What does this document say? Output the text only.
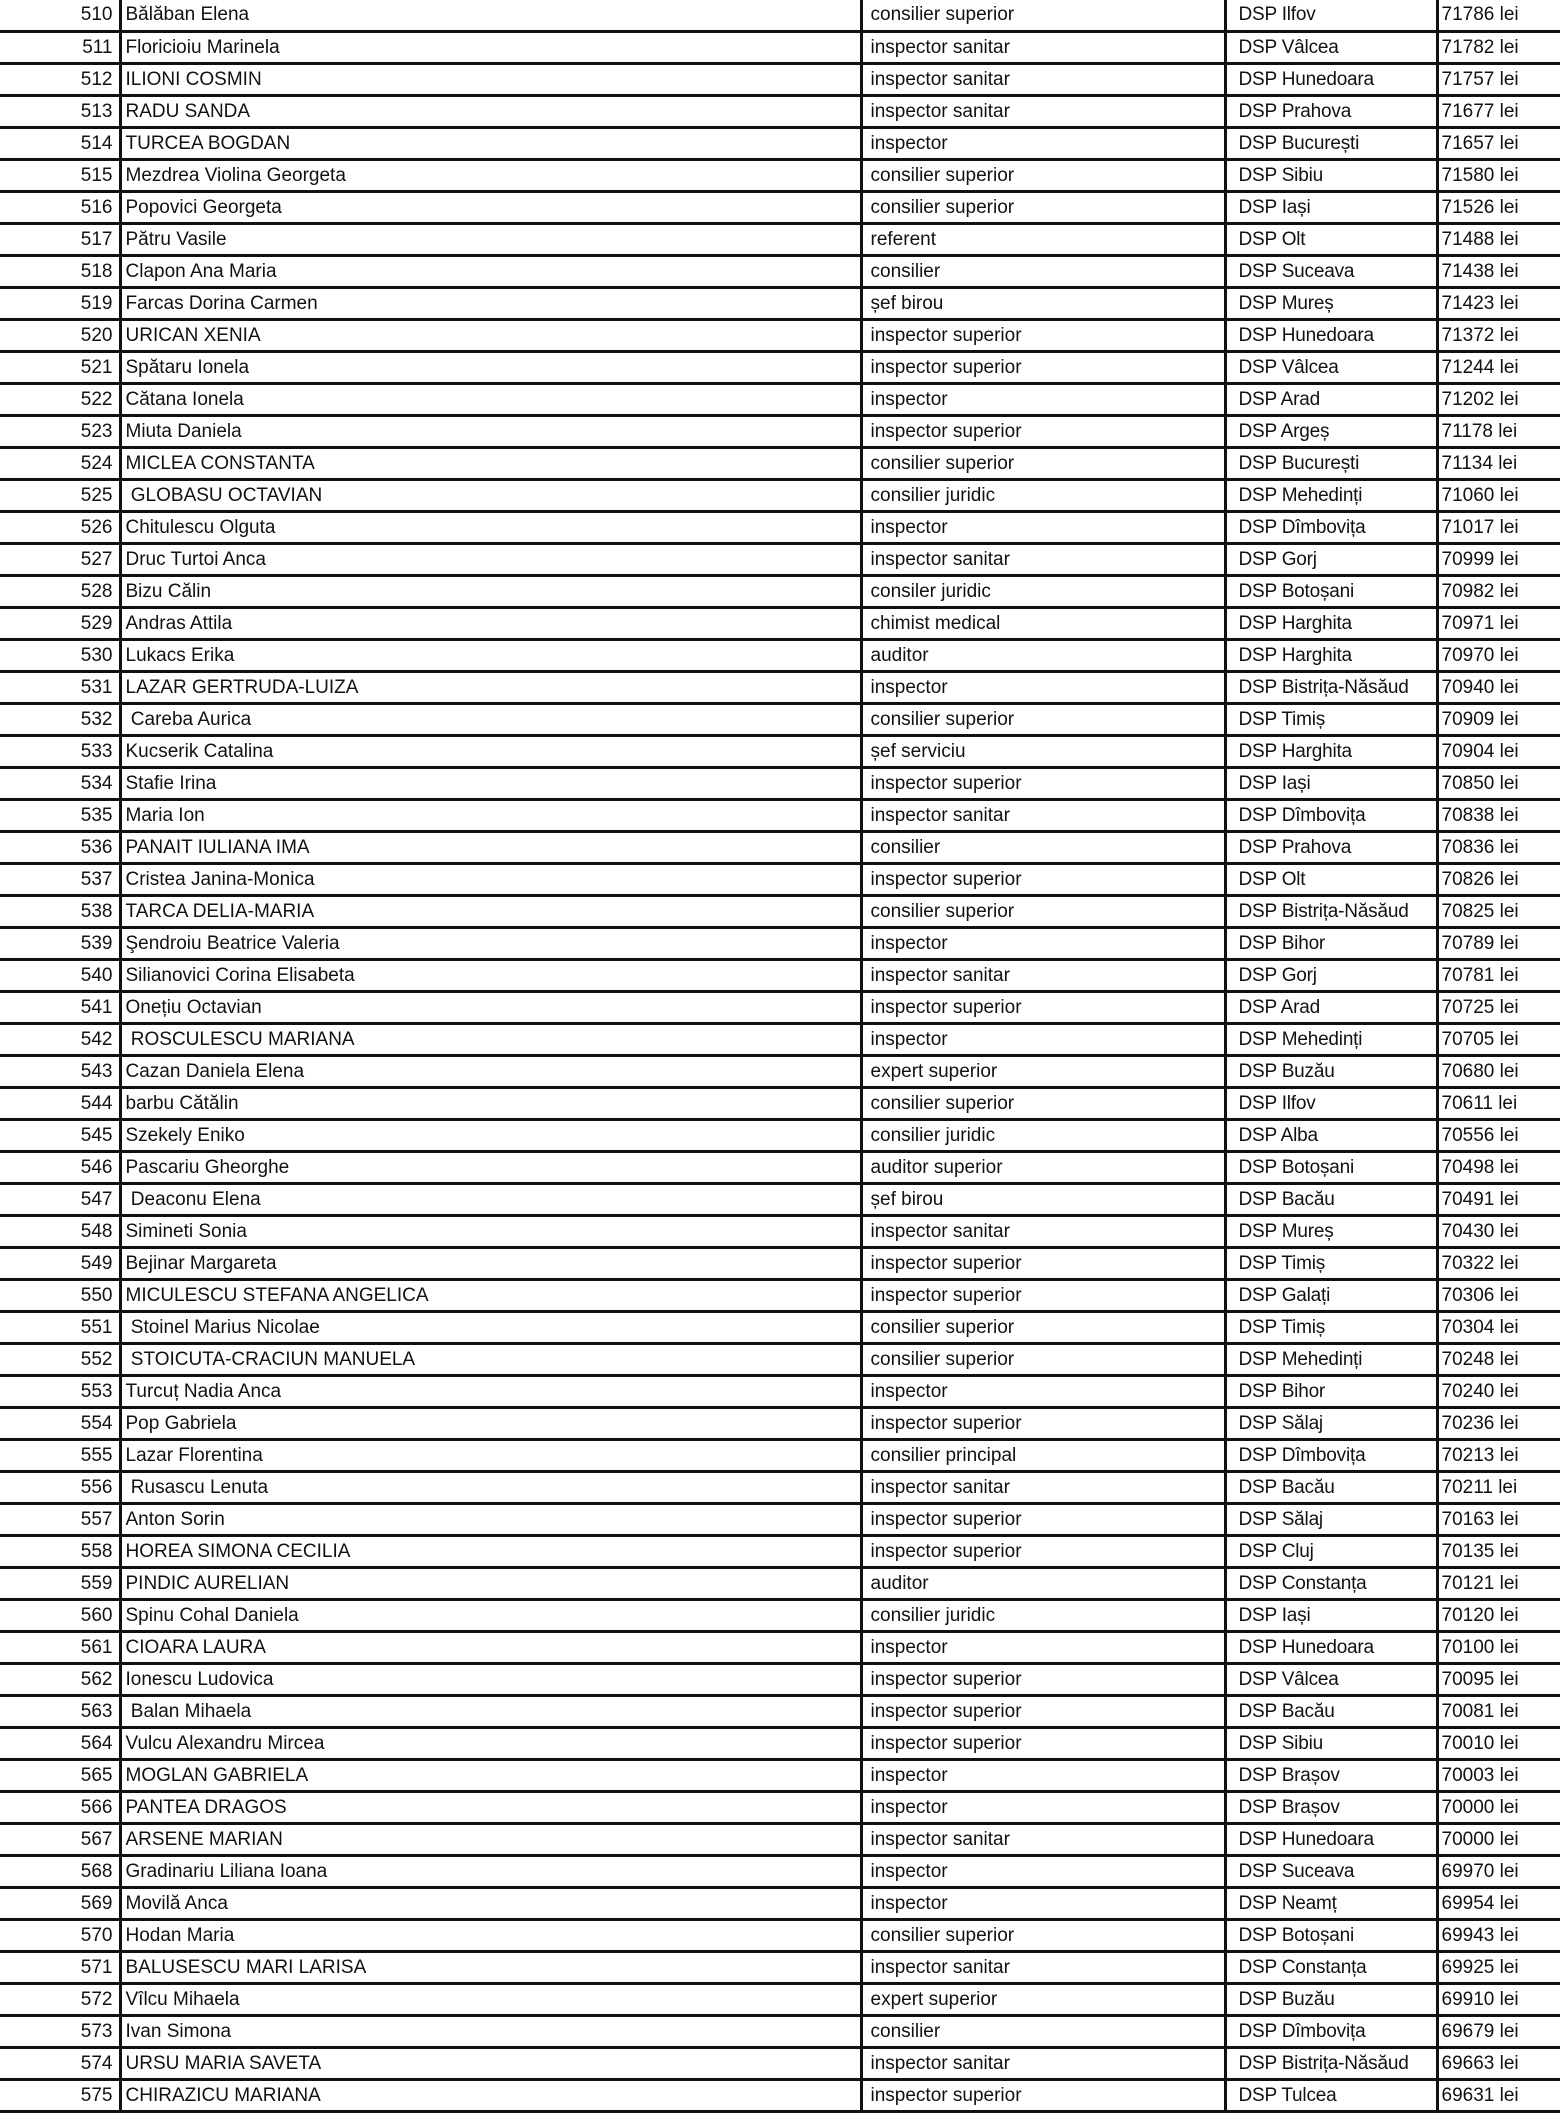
510	Bălăban Elena	consilier superior	DSP Ilfov	71786 lei
511	Floricioiu Marinela	inspector sanitar	DSP Vâlcea	71782 lei
512	ILIONI COSMIN	inspector sanitar	DSP Hunedoara	71757 lei
513	RADU SANDA	inspector sanitar	DSP Prahova	71677 lei
514	TURCEA BOGDAN	inspector	DSP București	71657 lei
515	Mezdrea Violina Georgeta	consilier superior	DSP Sibiu	71580 lei
516	Popovici Georgeta	consilier superior	DSP Iași	71526 lei
517	Pătru Vasile	referent	DSP Olt	71488 lei
518	Clapon Ana Maria	consilier	DSP Suceava	71438 lei
519	Farcas Dorina Carmen	șef birou	DSP Mureș	71423 lei
520	URICAN XENIA	inspector superior	DSP Hunedoara	71372 lei
521	Spătaru Ionela	inspector superior	DSP Vâlcea	71244 lei
522	Cătana Ionela	inspector	DSP Arad	71202 lei
523	Miuta Daniela	inspector superior	DSP Argeș	71178 lei
524	MICLEA CONSTANTA	consilier superior	DSP București	71134 lei
525	GLOBASU OCTAVIAN	consilier juridic	DSP Mehedinți	71060 lei
526	Chitulescu Olguta	inspector	DSP Dîmbovița	71017 lei
527	Druc Turtoi Anca	inspector sanitar	DSP Gorj	70999 lei
528	Bizu Călin	consiler juridic	DSP Botoșani	70982 lei
529	Andras Attila	chimist medical	DSP Harghita	70971 lei
530	Lukacs Erika	auditor	DSP Harghita	70970 lei
531	LAZAR GERTRUDA-LUIZA	inspector	DSP Bistrița-Năsăud	70940 lei
532	Careba Aurica	consilier superior	DSP Timiș	70909 lei
533	Kucserik Catalina	șef serviciu	DSP Harghita	70904 lei
534	Stafie Irina	inspector superior	DSP Iași	70850 lei
535	Maria Ion	inspector sanitar	DSP Dîmbovița	70838 lei
536	PANAIT IULIANA IMA	consilier	DSP Prahova	70836 lei
537	Cristea Janina-Monica	inspector superior	DSP Olt	70826 lei
538	TARCA DELIA-MARIA	consilier superior	DSP Bistrița-Năsăud	70825 lei
539	Şendroiu Beatrice Valeria	inspector	DSP Bihor	70789 lei
540	Silianovici Corina Elisabeta	inspector sanitar	DSP Gorj	70781 lei
541	Onețiu Octavian	inspector superior	DSP Arad	70725 lei
542	ROSCULESCU MARIANA	inspector	DSP Mehedinți	70705 lei
543	Cazan Daniela Elena	expert superior	DSP Buzău	70680 lei
544	barbu Cătălin	consilier superior	DSP Ilfov	70611 lei
545	Szekely Eniko	consilier juridic	DSP Alba	70556 lei
546	Pascariu Gheorghe	auditor superior	DSP Botoșani	70498 lei
547	Deaconu Elena	șef birou	DSP Bacău	70491 lei
548	Simineti Sonia	inspector sanitar	DSP Mureș	70430 lei
549	Bejinar Margareta	inspector superior	DSP Timiș	70322 lei
550	MICULESCU STEFANA ANGELICA	inspector superior	DSP Galați	70306 lei
551	Stoinel Marius Nicolae	consilier superior	DSP Timiș	70304 lei
552	STOICUTA-CRACIUN MANUELA	consilier superior	DSP Mehedinți	70248 lei
553	Turcuț Nadia Anca	inspector	DSP Bihor	70240 lei
554	Pop Gabriela	inspector superior	DSP Sălaj	70236 lei
555	Lazar Florentina	consilier principal	DSP Dîmbovița	70213 lei
556	Rusascu Lenuta	inspector sanitar	DSP Bacău	70211 lei
557	Anton Sorin	inspector superior	DSP Sălaj	70163 lei
558	HOREA SIMONA CECILIA	inspector superior	DSP Cluj	70135 lei
559	PINDIC AURELIAN	auditor	DSP Constanța	70121 lei
560	Spinu Cohal Daniela	consilier juridic	DSP Iași	70120 lei
561	CIOARA LAURA	inspector	DSP Hunedoara	70100 lei
562	Ionescu Ludovica	inspector superior	DSP Vâlcea	70095 lei
563	Balan Mihaela	inspector superior	DSP Bacău	70081 lei
564	Vulcu Alexandru Mircea	inspector superior	DSP Sibiu	70010 lei
565	MOGLAN GABRIELA	inspector	DSP Brașov	70003 lei
566	PANTEA DRAGOS	inspector	DSP Brașov	70000 lei
567	ARSENE MARIAN	inspector sanitar	DSP Hunedoara	70000 lei
568	Gradinariu Liliana Ioana	inspector	DSP Suceava	69970 lei
569	Movilă Anca	inspector	DSP Neamț	69954 lei
570	Hodan Maria	consilier superior	DSP Botoșani	69943 lei
571	BALUSESCU MARI LARISA	inspector sanitar	DSP Constanța	69925 lei
572	Vîlcu Mihaela	expert superior	DSP Buzău	69910 lei
573	Ivan Simona	consilier	DSP Dîmbovița	69679 lei
574	URSU MARIA SAVETA	inspector sanitar	DSP Bistrița-Năsăud	69663 lei
575	CHIRAZICU MARIANA	inspector superior	DSP Tulcea	69631 lei
